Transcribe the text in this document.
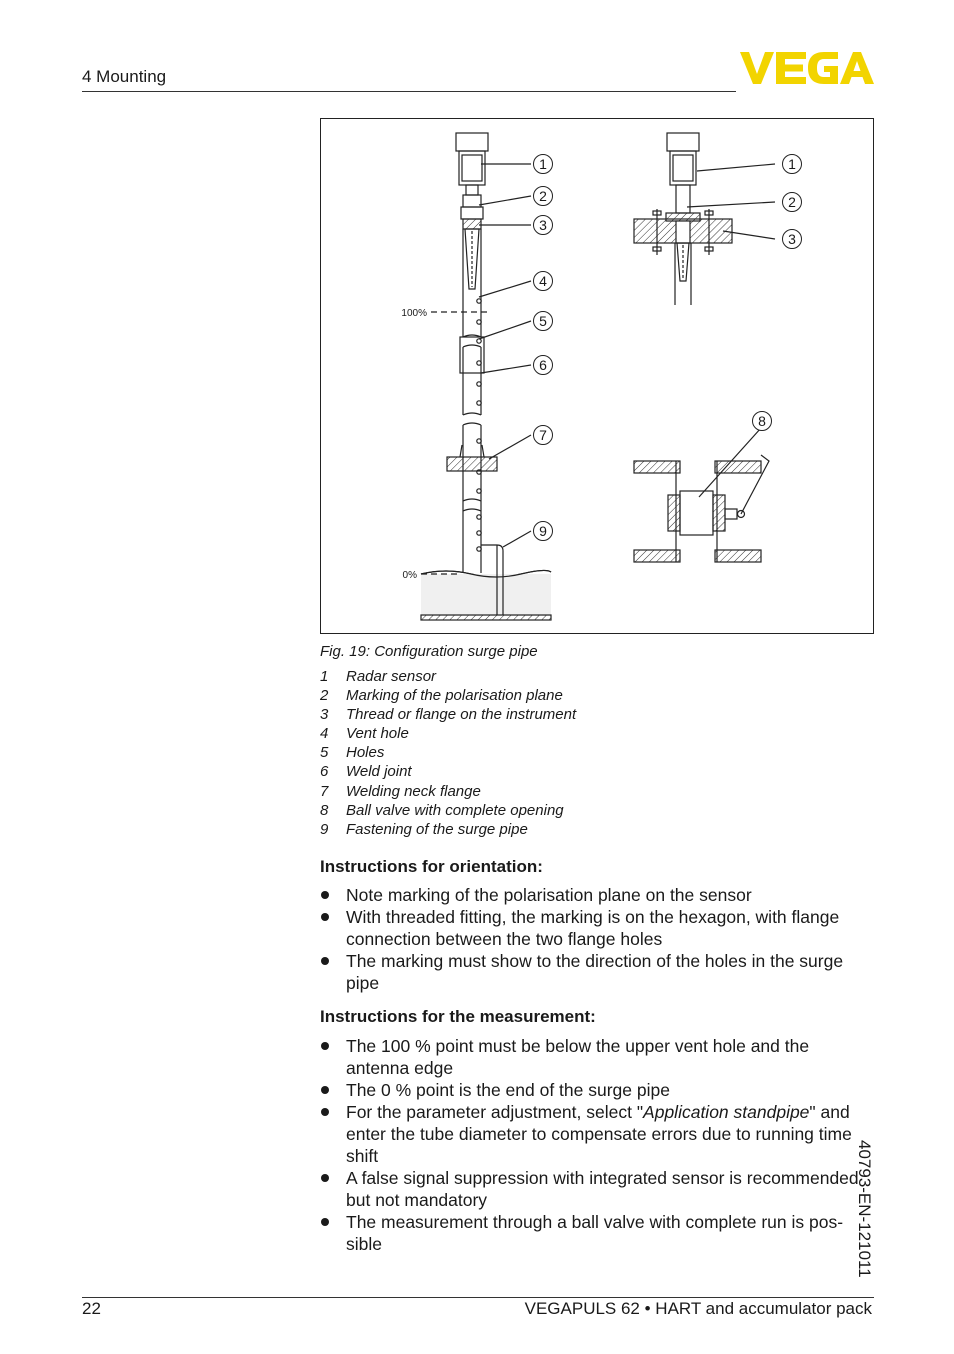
4 Mounting
1
2
3
4
5
6
7
8
9
1
2
3
100%
0%
Fig. 19: Configuration surge pipe
1	Radar sensor
2	Marking of the polarisation plane
3	Thread or flange on the instrument
4	Vent hole
5	Holes
6	Weld joint
7	Welding neck flange
8	Ball valve with complete opening
9	Fastening of the surge pipe
Instructions for orientation:
Note marking of the polarisation plane on the sensor
With threaded fitting, the marking is on the hexagon, with flange connection between the two flange holes
The marking must show to the direction of the holes in the surge pipe
Instructions for the measurement:
The 100 % point must be below the upper vent hole and the antenna edge
The 0 % point is the end of the surge pipe
For the parameter adjustment, select "Application standpipe" and enter the tube diameter to compensate errors due to running time shift
A false signal suppression with integrated sensor is recommended but not mandatory
The measurement through a ball valve with complete run is pos-sible	40793-EN-121011
22	VEGAPULS 62 • HART and accumulator pack
